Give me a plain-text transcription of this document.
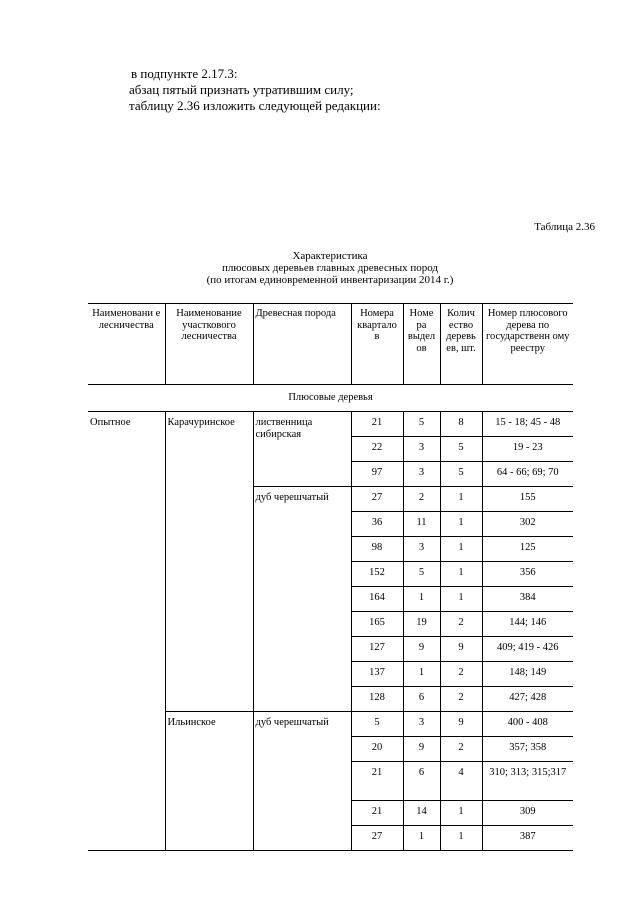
в подпункте 2.17.3:
абзац пятый признать утратившим силу;
таблицу 2.36 изложить следующей редакции:
Таблица 2.36
Характеристика
плюсовых деревьев главных древесных пород
(по итогам единовременной инвентаризации 2014 г.)
Наименовани е лесничества	Наименование участкового лесничества	Древесная порода	Номера квартало в	Номе ра выдел ов	Колич ество деревь ев, шт.	Номер плюсового дерева по государственн ому реестру
Плюсовые деревья						
Опытное	Карачуринское	лиственница сибирская	21	5	8	15 - 18; 45 - 48
			22	3	5	19 - 23
			97	3	5	64 - 66; 69; 70
		дуб черешчатый	27	2	1	155
			36	11	1	302
			98	3	1	125
			152	5	1	356
			164	1	1	384
			165	19	2	144; 146
			127	9	9	409; 419 - 426
			137	1	2	148; 149
			128	6	2	427; 428
	Ильинское	дуб черешчатый	5	3	9	400 - 408
			20	9	2	357; 358
			21	6	4	310; 313; 315;317
			21	14	1	309
			27	1	1	387
